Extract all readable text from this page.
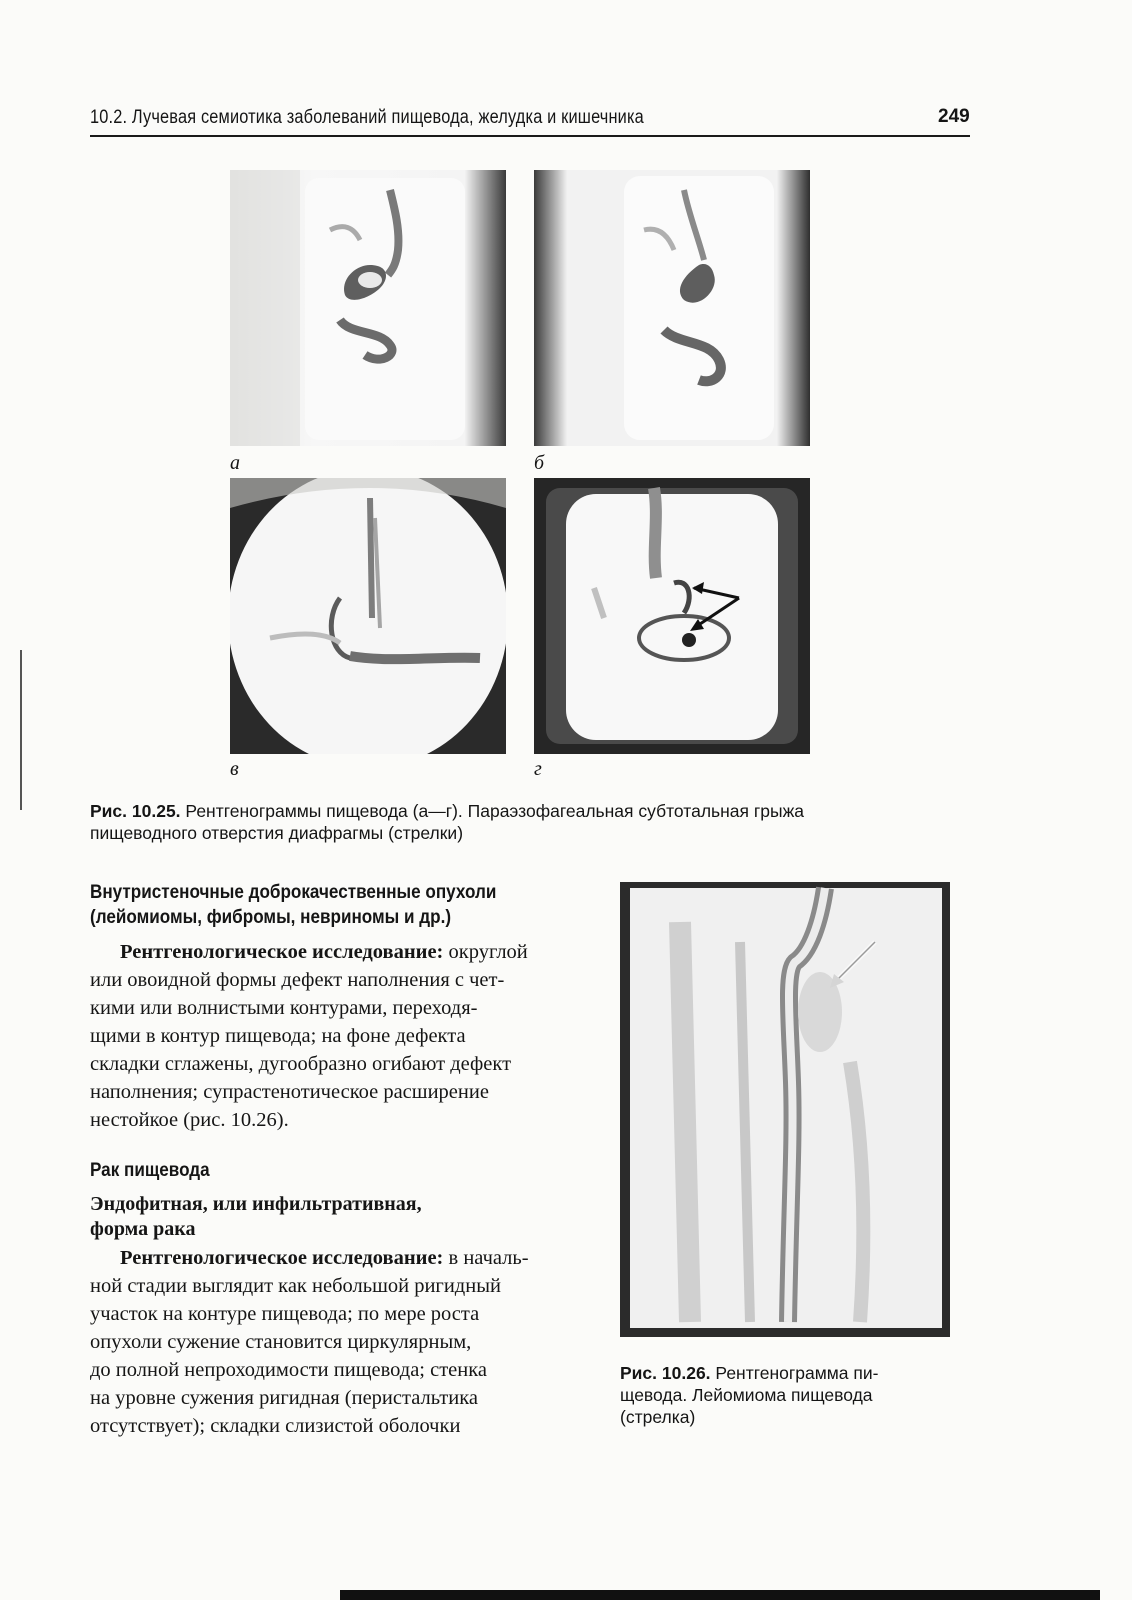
10.2. Лучевая семиотика заболеваний пищевода, желудка и кишечника	249
а	б
в	г
Рис. 10.25. Рентгенограммы пищевода (а—г). Параэзофагеальная субтотальная грыжа
пищеводного отверстия диафрагмы (стрелки)
Внутристеночные доброкачественные опухоли
(лейомиомы, фибромы, невриномы и др.)
Рентгенологическое исследование: округлой
или овоидной формы дефект наполнения с чет-
кими или волнистыми контурами, переходя-
щими в контур пищевода; на фоне дефекта
складки сглажены, дугообразно огибают дефект
наполнения; супрастенотическое расширение
нестойкое (рис. 10.26).
Рак пищевода
Эндофитная, или инфильтративная,
форма рака
Рентгенологическое исследование: в началь-
ной стадии выглядит как небольшой ригидный
участок на контуре пищевода; по мере роста
опухоли сужение становится циркулярным,
до полной непроходимости пищевода; стенка
на уровне сужения ригидная (перистальтика
отсутствует); складки слизистой оболочки
Рис. 10.26. Рентгенограмма пи-
щевода. Лейомиома пищевода
(стрелка)
